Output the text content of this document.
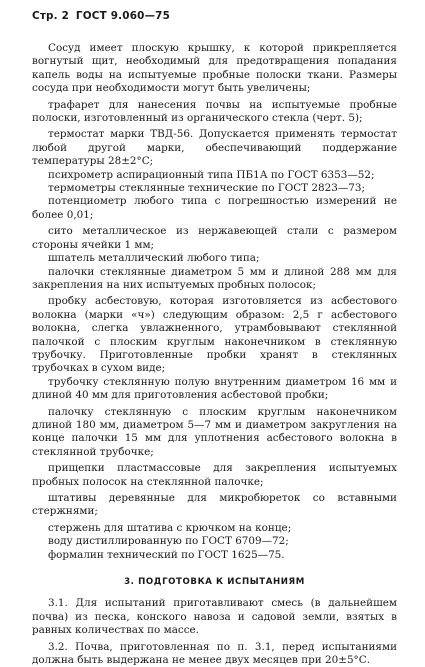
Стр. 2 ГОСТ 9.060—75

Сосуд имеет плоскую крышку, к которой прикрепляется вогнутый щит, необходимый для предотвращения попадания капель воды на испытуемые пробные полоски ткани. Размеры сосуда при необходимости могут быть увеличены;

трафарет для нанесения почвы на испытуемые пробные полоски, изготовленный из органического стекла (черт. 5);

термостат марки ТВД-56. Допускается применять термостат любой другой марки, обеспечивающий поддержание температуры 28±2°С;

психрометр аспирационный типа ПБ1А по ГОСТ 6353—52;

термометры стеклянные технические по ГОСТ 2823—73;

потенциометр любого типа с погрешностью измерений не более 0,01;

сито металлическое из нержавеющей стали с размером стороны ячейки 1 мм;

шпатель металлический любого типа;

палочки стеклянные диаметром 5 мм и длиной 288 мм для закрепления на них испытуемых пробных полосок;

пробку асбестовую, которая изготовляется из асбестового волокна (марки «ч») следующим образом: 2,5 г асбестового волокна, слегка увлажненного, утрамбовывают стеклянной палочкой с плоским круглым наконечником в стеклянную трубочку. Приготовленные пробки хранят в стеклянных трубочках в сухом виде;

трубочку стеклянную полую внутренним диаметром 16 мм и длиной 40 мм для приготовления асбестовой пробки;

палочку стеклянную с плоским круглым наконечником длиной 180 мм, диаметром 5—7 мм и диаметром закругления на конце палочки 15 мм для уплотнения асбестового волокна в стеклянной трубочке;

прищепки пластмассовые для закрепления испытуемых пробных полосок на стеклянной палочке;

штативы деревянные для микробюреток со вставными стержнями;

стержень для штатива с крючком на конце;

воду дистиллированную по ГОСТ 6709—72;

формалин технический по ГОСТ 1625—75.

3. ПОДГОТОВКА К ИСПЫТАНИЯМ

3.1. Для испытаний приготавливают смесь (в дальнейшем почва) из песка, конского навоза и садовой земли, взятых в равных количествах по массе.

3.2. Почва, приготовленная по п. 3.1, перед испытаниями должна быть выдержана не менее двух месяцев при 20±5°С.
